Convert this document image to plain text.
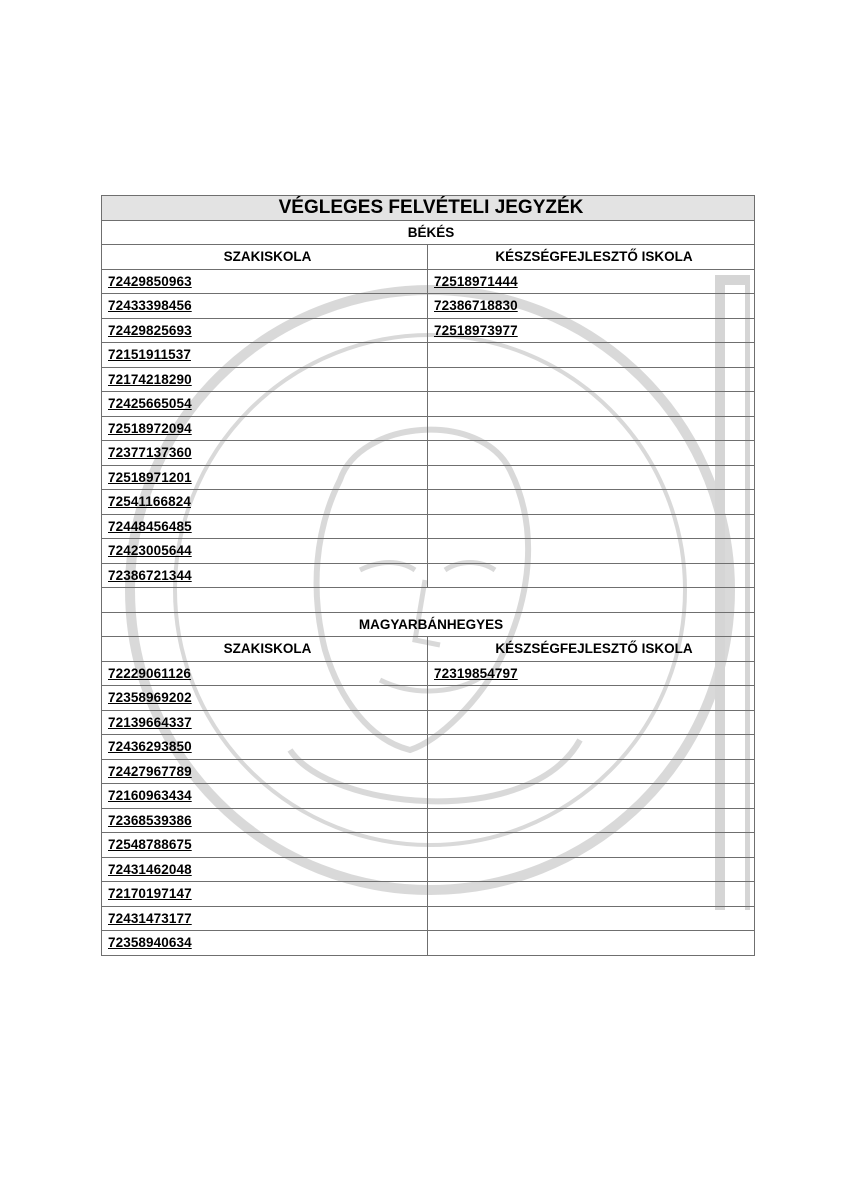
VÉGLEGES FELVÉTELI JEGYZÉK	
BÉKÉS	
SZAKISKOLA	KÉSZSÉGFEJLESZTŐ ISKOLA
72429850963	72518971444
72433398456	72386718830
72429825693	72518973977
72151911537	
72174218290	
72425665054	
72518972094	
72377137360	
72518971201	
72541166824	
72448456485	
72423005644	
72386721344	

MAGYARBÁNHEGYES	
SZAKISKOLA	KÉSZSÉGFEJLESZTŐ ISKOLA
72229061126	72319854797
72358969202	
72139664337	
72436293850	
72427967789	
72160963434	
72368539386	
72548788675	
72431462048	
72170197147	
72431473177	
72358940634	
